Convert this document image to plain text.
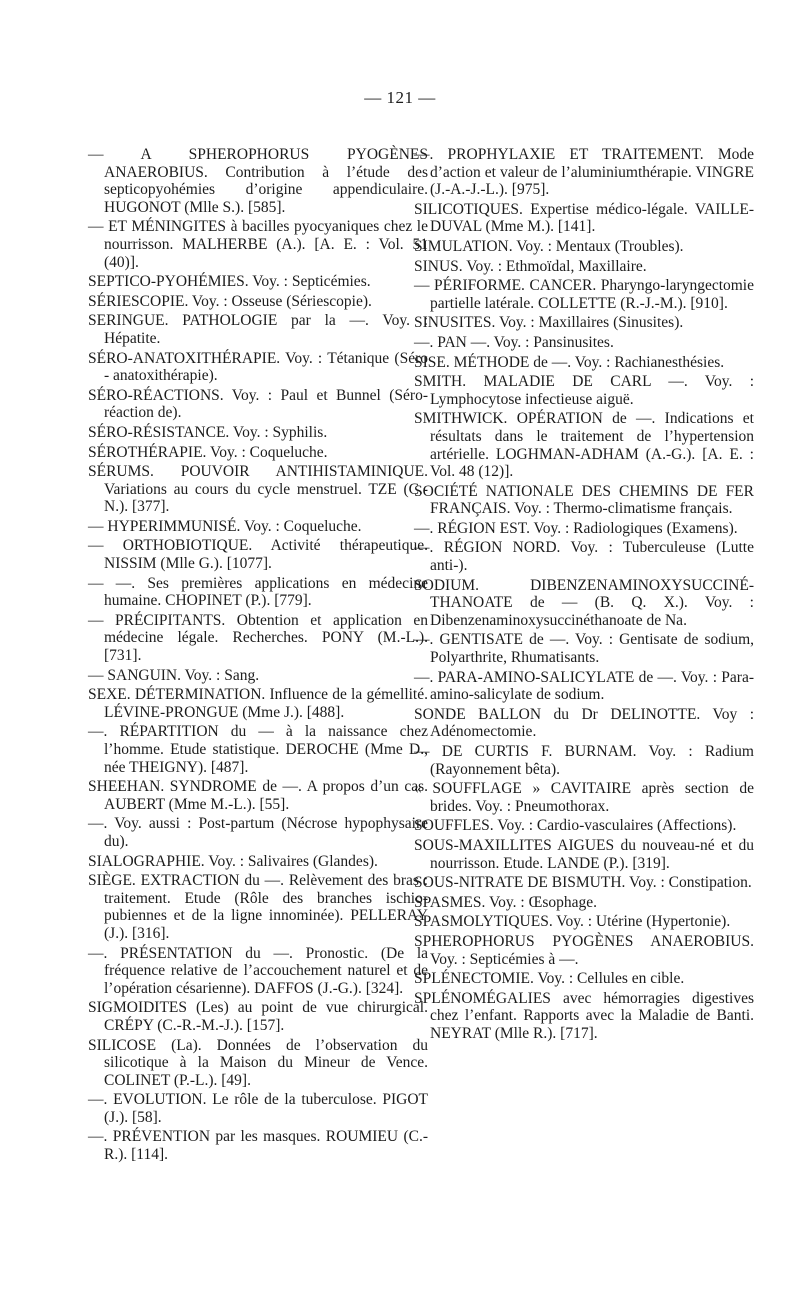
— 121 —

— A SPHEROPHORUS PYOGÈNES ANAEROBIUS. Contribution à l’étude des septicopyohémies d’origine appendiculaire. HUGONOT (Mlle S.). [585].

— ET MÉNINGITES à bacilles pyocyaniques chez le nourrisson. MALHERBE (A.). [A. E. : Vol. 51 (40)].

SEPTICO-PYOHÉMIES. Voy. : Septicémies.

SÉRIESCOPIE. Voy. : Osseuse (Sériescopie).

SERINGUE. PATHOLOGIE par la —. Voy. : Hépatite.

SÉRO-ANATOXITHÉRAPIE. Voy. : Tétanique (Séro - anatoxithérapie).

SÉRO-RÉACTIONS. Voy. : Paul et Bunnel (Séro-réaction de).

SÉRO-RÉSISTANCE. Voy. : Syphilis.

SÉROTHÉRAPIE. Voy. : Coqueluche.

SÉRUMS. POUVOIR ANTIHISTAMINIQUE. Variations au cours du cycle menstruel. TZE (C.-N.). [377].

— HYPERIMMUNISÉ. Voy. : Coqueluche.

— ORTHOBIOTIQUE. Activité thérapeutique. NISSIM (Mlle G.). [1077].

— —. Ses premières applications en médecine humaine. CHOPINET (P.). [779].

— PRÉCIPITANTS. Obtention et application en médecine légale. Recherches. PONY (M.-L.). [731].

— SANGUIN. Voy. : Sang.

SEXE. DÉTERMINATION. Influence de la gémellité. LÉVINE-PRONGUE (Mme J.). [488].

—. RÉPARTITION du — à la naissance chez l’homme. Etude statistique. DEROCHE (Mme D., née THEIGNY). [487].

SHEEHAN. SYNDROME de —. A propos d’un cas. AUBERT (Mme M.-L.). [55].

—. Voy. aussi : Post-partum (Nécrose hypophysaire du).

SIALOGRAPHIE. Voy. : Salivaires (Glandes).

SIÈGE. EXTRACTION du —. Relèvement des bras : traitement. Etude (Rôle des branches ischio-pubiennes et de la ligne innominée). PELLERAY (J.). [316].

—. PRÉSENTATION du —. Pronostic. (De la fréquence relative de l’accouchement naturel et de l’opération césarienne). DAFFOS (J.-G.). [324].

SIGMOIDITES (Les) au point de vue chirurgical. CRÉPY (C.-R.-M.-J.). [157].

SILICOSE (La). Données de l’observation du silicotique à la Maison du Mineur de Vence. COLINET (P.-L.). [49].

—. EVOLUTION. Le rôle de la tuberculose. PIGOT (J.). [58].

—. PRÉVENTION par les masques. ROUMIEU (C.-R.). [114].

—. PROPHYLAXIE ET TRAITEMENT. Mode d’action et valeur de l’aluminiumthérapie. VINGRE (J.-A.-J.-L.). [975].

SILICOTIQUES. Expertise médico-légale. VAILLE-DUVAL (Mme M.). [141].

SIMULATION. Voy. : Mentaux (Troubles).

SINUS. Voy. : Ethmoïdal, Maxillaire.

— PÉRIFORME. CANCER. Pharyngo-laryngectomie partielle latérale. COLLETTE (R.-J.-M.). [910].

SINUSITES. Voy. : Maxillaires (Sinusites).

—. PAN —. Voy. : Pansinusites.

SISE. MÉTHODE de —. Voy. : Rachianesthésies.

SMITH. MALADIE DE CARL —. Voy. : Lymphocytose infectieuse aiguë.

SMITHWICK. OPÉRATION de —. Indications et résultats dans le traitement de l’hypertension artérielle. LOGHMAN-ADHAM (A.-G.). [A. E. : Vol. 48 (12)].

SOCIÉTÉ NATIONALE DES CHEMINS DE FER FRANÇAIS. Voy. : Thermo-climatisme français.

—. RÉGION EST. Voy. : Radiologiques (Examens).

—. RÉGION NORD. Voy. : Tuberculeuse (Lutte anti-).

SODIUM. DIBENZENAMINOXYSUCCINÉ-THANOATE de — (B. Q. X.). Voy. : Dibenzenaminoxysuccinéthanoate de Na.

—. GENTISATE de —. Voy. : Gentisate de sodium, Polyarthrite, Rhumatisants.

—. PARA-AMINO-SALICYLATE de —. Voy. : Para-amino-salicylate de sodium.

SONDE BALLON du Dr DELINOTTE. Voy : Adénomectomie.

— DE CURTIS F. BURNAM. Voy. : Radium (Rayonnement bêta).

« SOUFFLAGE » CAVITAIRE après section de brides. Voy. : Pneumothorax.

SOUFFLES. Voy. : Cardio-vasculaires (Affections).

SOUS-MAXILLITES AIGUES du nouveau-né et du nourrisson. Etude. LANDE (P.). [319].

SOUS-NITRATE DE BISMUTH. Voy. : Constipation.

SPASMES. Voy. : Œsophage.

SPASMOLYTIQUES. Voy. : Utérine (Hypertonie).

SPHEROPHORUS PYOGÈNES ANAEROBIUS. Voy. : Septicémies à —.

SPLÉNECTOMIE. Voy. : Cellules en cible.

SPLÉNOMÉGALIES avec hémorragies digestives chez l’enfant. Rapports avec la Maladie de Banti. NEYRAT (Mlle R.). [717].
